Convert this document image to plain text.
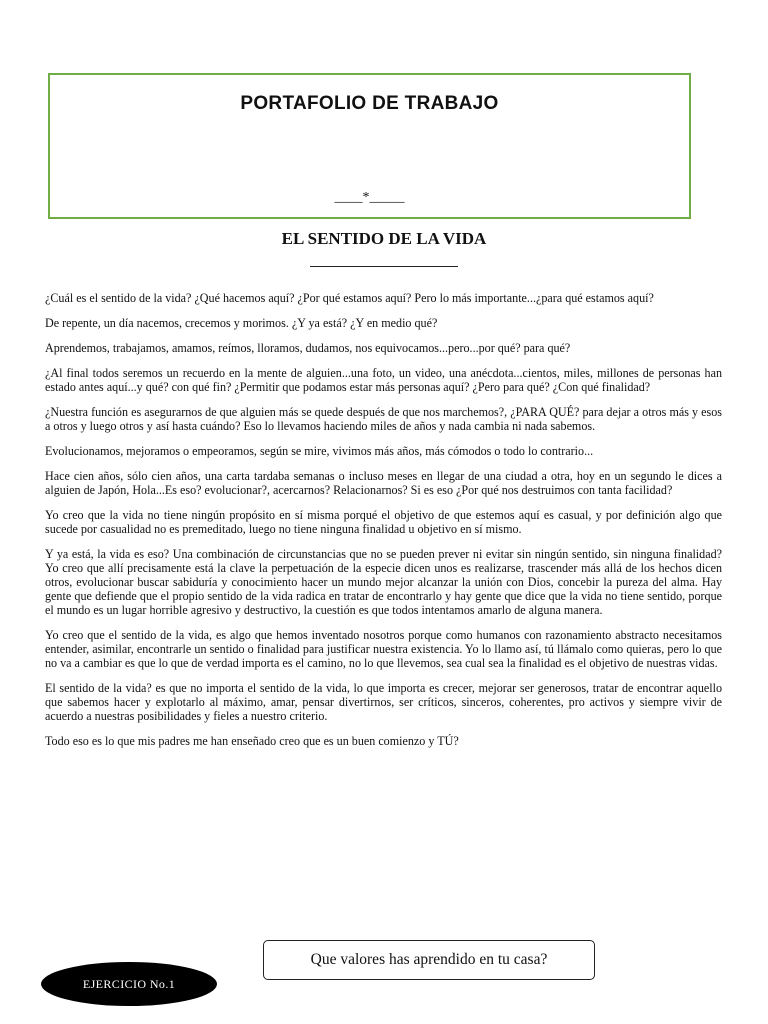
PORTAFOLIO DE TRABAJO
____*_____
EL SENTIDO DE LA VIDA

¿Cuál es el sentido de la vida? ¿Qué hacemos aquí? ¿Por qué estamos aquí? Pero lo más importante...¿para qué estamos aquí?

De repente, un día nacemos, crecemos y morimos. ¿Y ya está? ¿Y en medio qué?

Aprendemos, trabajamos, amamos, reímos, lloramos, dudamos, nos equivocamos...pero...por qué? para qué?

¿Al final todos seremos un recuerdo en la mente de alguien...una foto, un video, una anécdota...cientos, miles, millones de personas han estado antes aquí...y qué? con qué fin? ¿Permitir que podamos estar más personas aquí? ¿Pero para qué? ¿Con qué finalidad?

¿Nuestra función es asegurarnos de que alguien más se quede después de que nos marchemos?, ¿PARA QUÉ? para dejar a otros más y esos a otros y luego otros y así hasta cuándo? Eso lo llevamos haciendo miles de años y nada cambia ni nada sabemos.

Evolucionamos, mejoramos o empeoramos, según se mire, vivimos más años, más cómodos o todo lo contrario...

Hace cien años, sólo cien años, una carta tardaba semanas o incluso meses en llegar de una ciudad a otra, hoy en un segundo le dices a alguien de Japón, Hola...Es eso? evolucionar?, acercarnos? Relacionarnos? Si es eso ¿Por qué nos destruimos con tanta facilidad?

Yo creo que la vida no tiene ningún propósito en sí misma porqué el objetivo de que estemos aquí es casual, y por definición algo que sucede por casualidad no es premeditado, luego no tiene ninguna finalidad u objetivo en sí mismo.

Y ya está, la vida es eso? Una combinación de circunstancias que no se pueden prever ni evitar sin ningún sentido, sin ninguna finalidad? Yo creo que allí precisamente está la clave la perpetuación de la especie dicen unos es realizarse, trascender más allá de los hechos dicen otros, evolucionar buscar sabiduría y conocimiento hacer un mundo mejor alcanzar la unión con Dios, concebir la pureza del alma. Hay gente que defiende que el propio sentido de la vida radica en tratar de encontrarlo y hay gente que dice que la vida no tiene sentido, porque el mundo es un lugar horrible agresivo y destructivo, la cuestión es que todos intentamos amarlo de alguna manera.

Yo creo que el sentido de la vida, es algo que hemos inventado nosotros porque como humanos con razonamiento abstracto necesitamos entender, asimilar, encontrarle un sentido o finalidad para justificar nuestra existencia. Yo lo llamo así, tú llámalo como quieras, pero lo que no va a cambiar es que lo que de verdad importa es el camino, no lo que llevemos, sea cual sea la finalidad es el objetivo de nuestras vidas.

El sentido de la vida? es que no importa el sentido de la vida, lo que importa es crecer, mejorar ser generosos, tratar de encontrar aquello que sabemos hacer y explotarlo al máximo, amar, pensar divertirnos, ser críticos, sinceros, coherentes, pro activos y siempre vivir de acuerdo a nuestras posibilidades y fieles a nuestro criterio.

Todo eso es lo que mis padres me han enseñado creo que es un buen comienzo y TÚ?

Que valores has aprendido en tu casa?
EJERCICIO No.1
